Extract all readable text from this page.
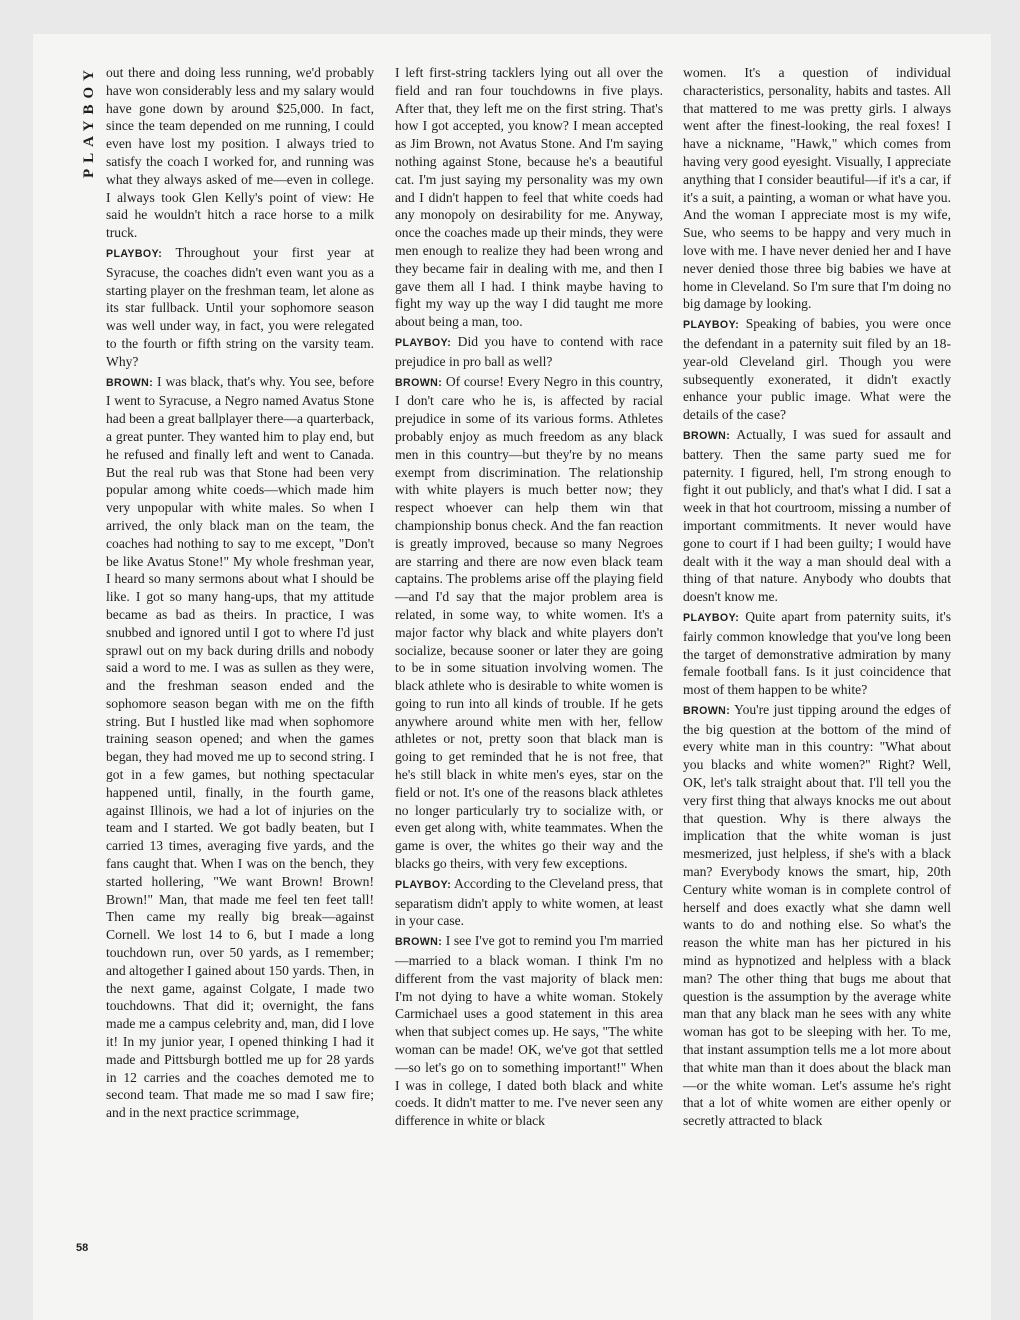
PLAYBOY
58

out there and doing less running, we'd probably have won considerably less and my salary would have gone down by around $25,000. In fact, since the team depended on me running, I could even have lost my position. I always tried to satisfy the coach I worked for, and running was what they always asked of me—even in college. I always took Glen Kelly's point of view: He said he wouldn't hitch a race horse to a milk truck.

PLAYBOY: Throughout your first year at Syracuse, the coaches didn't even want you as a starting player on the freshman team, let alone as its star fullback. Until your sophomore season was well under way, in fact, you were relegated to the fourth or fifth string on the varsity team. Why?

BROWN: I was black, that's why. You see, before I went to Syracuse, a Negro named Avatus Stone had been a great ballplayer there—a quarterback, a great punter. They wanted him to play end, but he refused and finally left and went to Canada. But the real rub was that Stone had been very popular among white coeds—which made him very unpopular with white males. So when I arrived, the only black man on the team, the coaches had nothing to say to me except, "Don't be like Avatus Stone!" My whole freshman year, I heard so many sermons about what I should be like. I got so many hang-ups, that my attitude became as bad as theirs. In practice, I was snubbed and ignored until I got to where I'd just sprawl out on my back during drills and nobody said a word to me. I was as sullen as they were, and the freshman season ended and the sophomore season began with me on the fifth string. But I hustled like mad when sophomore training season opened; and when the games began, they had moved me up to second string. I got in a few games, but nothing spectacular happened until, finally, in the fourth game, against Illinois, we had a lot of injuries on the team and I started. We got badly beaten, but I carried 13 times, averaging five yards, and the fans caught that. When I was on the bench, they started hollering, "We want Brown! Brown! Brown!" Man, that made me feel ten feet tall! Then came my really big break—against Cornell. We lost 14 to 6, but I made a long touchdown run, over 50 yards, as I remember; and altogether I gained about 150 yards. Then, in the next game, against Colgate, I made two touchdowns. That did it; overnight, the fans made me a campus celebrity and, man, did I love it! In my junior year, I opened thinking I had it made and Pittsburgh bottled me up for 28 yards in 12 carries and the coaches demoted me to second team. That made me so mad I saw fire; and in the next practice scrimmage,

I left first-string tacklers lying out all over the field and ran four touchdowns in five plays. After that, they left me on the first string. That's how I got accepted, you know? I mean accepted as Jim Brown, not Avatus Stone. And I'm saying nothing against Stone, because he's a beautiful cat. I'm just saying my personality was my own and I didn't happen to feel that white coeds had any monopoly on desirability for me. Anyway, once the coaches made up their minds, they were men enough to realize they had been wrong and they became fair in dealing with me, and then I gave them all I had. I think maybe having to fight my way up the way I did taught me more about being a man, too.

PLAYBOY: Did you have to contend with race prejudice in pro ball as well?

BROWN: Of course! Every Negro in this country, I don't care who he is, is affected by racial prejudice in some of its various forms. Athletes probably enjoy as much freedom as any black men in this country—but they're by no means exempt from discrimination. The relationship with white players is much better now; they respect whoever can help them win that championship bonus check. And the fan reaction is greatly improved, because so many Negroes are starring and there are now even black team captains. The problems arise off the playing field—and I'd say that the major problem area is related, in some way, to white women. It's a major factor why black and white players don't socialize, because sooner or later they are going to be in some situation involving women. The black athlete who is desirable to white women is going to run into all kinds of trouble. If he gets anywhere around white men with her, fellow athletes or not, pretty soon that black man is going to get reminded that he is not free, that he's still black in white men's eyes, star on the field or not. It's one of the reasons black athletes no longer particularly try to socialize with, or even get along with, white teammates. When the game is over, the whites go their way and the blacks go theirs, with very few exceptions.

PLAYBOY: According to the Cleveland press, that separatism didn't apply to white women, at least in your case.

BROWN: I see I've got to remind you I'm married—married to a black woman. I think I'm no different from the vast majority of black men: I'm not dying to have a white woman. Stokely Carmichael uses a good statement in this area when that subject comes up. He says, "The white woman can be made! OK, we've got that settled—so let's go on to something important!" When I was in college, I dated both black and white coeds. It didn't matter to me. I've never seen any difference in white or black

women. It's a question of individual characteristics, personality, habits and tastes. All that mattered to me was pretty girls. I always went after the finest-looking, the real foxes! I have a nickname, "Hawk," which comes from having very good eyesight. Visually, I appreciate anything that I consider beautiful—if it's a car, if it's a suit, a painting, a woman or what have you. And the woman I appreciate most is my wife, Sue, who seems to be happy and very much in love with me. I have never denied her and I have never denied those three big babies we have at home in Cleveland. So I'm sure that I'm doing no big damage by looking.

PLAYBOY: Speaking of babies, you were once the defendant in a paternity suit filed by an 18-year-old Cleveland girl. Though you were subsequently exonerated, it didn't exactly enhance your public image. What were the details of the case?

BROWN: Actually, I was sued for assault and battery. Then the same party sued me for paternity. I figured, hell, I'm strong enough to fight it out publicly, and that's what I did. I sat a week in that hot courtroom, missing a number of important commitments. It never would have gone to court if I had been guilty; I would have dealt with it the way a man should deal with a thing of that nature. Anybody who doubts that doesn't know me.

PLAYBOY: Quite apart from paternity suits, it's fairly common knowledge that you've long been the target of demonstrative admiration by many female football fans. Is it just coincidence that most of them happen to be white?

BROWN: You're just tipping around the edges of the big question at the bottom of the mind of every white man in this country: "What about you blacks and white women?" Right? Well, OK, let's talk straight about that. I'll tell you the very first thing that always knocks me out about that question. Why is there always the implication that the white woman is just mesmerized, just helpless, if she's with a black man? Everybody knows the smart, hip, 20th Century white woman is in complete control of herself and does exactly what she damn well wants to do and nothing else. So what's the reason the white man has her pictured in his mind as hypnotized and helpless with a black man? The other thing that bugs me about that question is the assumption by the average white man that any black man he sees with any white woman has got to be sleeping with her. To me, that instant assumption tells me a lot more about that white man than it does about the black man—or the white woman. Let's assume he's right that a lot of white women are either openly or secretly attracted to black
